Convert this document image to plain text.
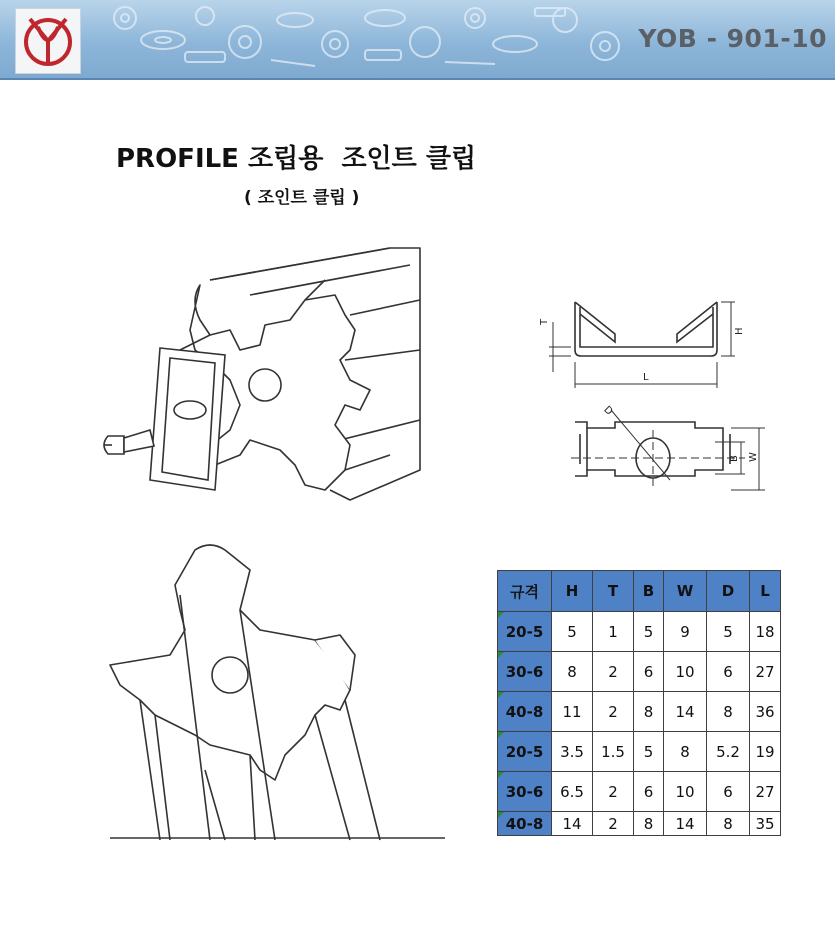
YOB - 901-10
PROFILE 조립용  조인트 클립
( 조인트 클립 )
T
H
L
D
B W
규격	H	T	B	W	D	L
20-5	5	1	5	9	5	18
30-6	8	2	6	10	6	27
40-8	11	2	8	14	8	36
20-5	3.5	1.5	5	8	5.2	19
30-6	6.5	2	6	10	6	27
40-8	14	2	8	14	8	35
